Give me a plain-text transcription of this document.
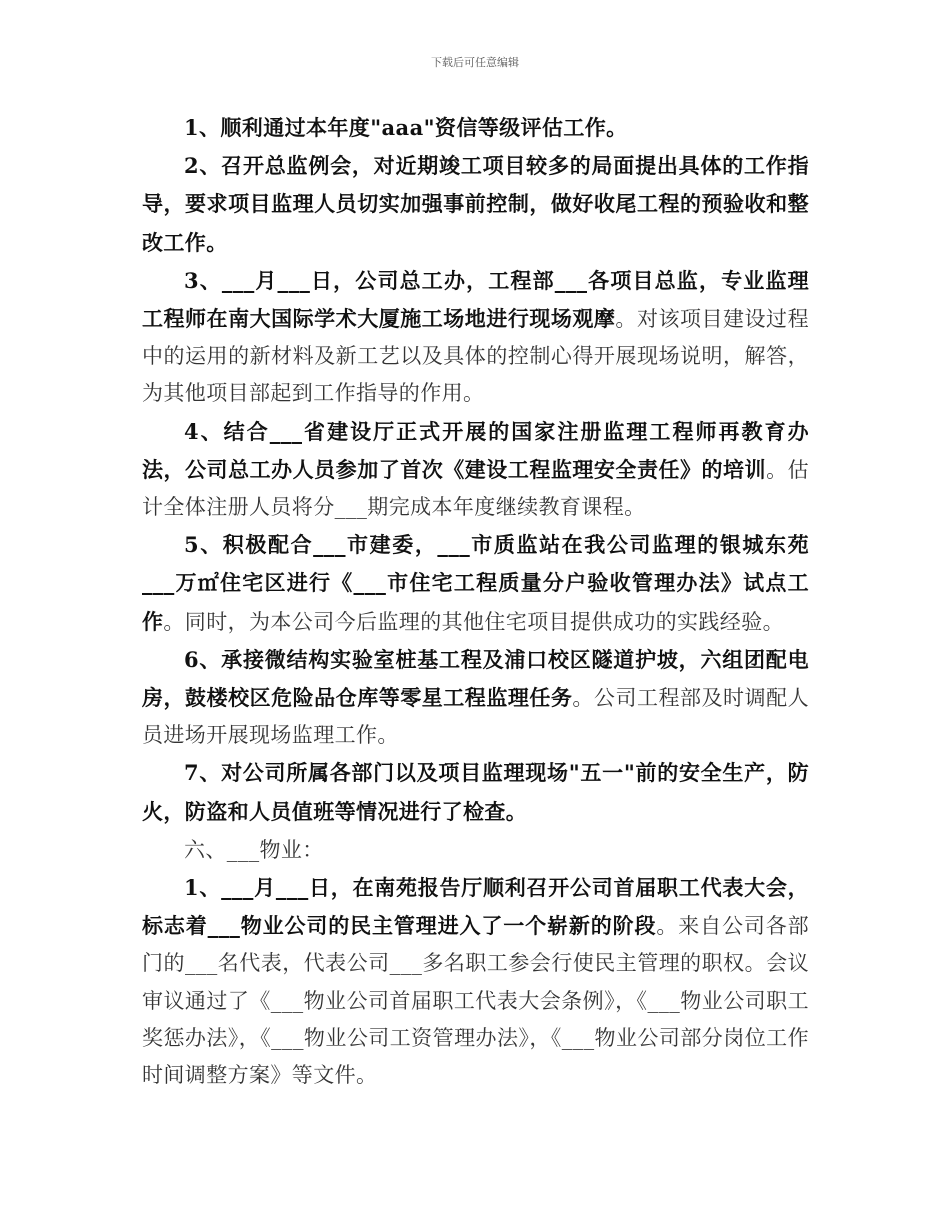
下载后可任意编辑

1、顺利通过本年度"aaa"资信等级评估工作。

2、召开总监例会，对近期竣工项目较多的局面提出具体的工作指导，要求项目监理人员切实加强事前控制，做好收尾工程的预验收和整改工作。

3、___月___日，公司总工办，工程部___各项目总监，专业监理工程师在南大国际学术大厦施工场地进行现场观摩。对该项目建设过程中的运用的新材料及新工艺以及具体的控制心得开展现场说明，解答，为其他项目部起到工作指导的作用。

4、结合___省建设厅正式开展的国家注册监理工程师再教育办法，公司总工办人员参加了首次《建设工程监理安全责任》的培训。估计全体注册人员将分___期完成本年度继续教育课程。

5、积极配合___市建委，___市质监站在我公司监理的银城东苑___万㎡住宅区进行《___市住宅工程质量分户验收管理办法》试点工作。同时，为本公司今后监理的其他住宅项目提供成功的实践经验。

6、承接微结构实验室桩基工程及浦口校区隧道护坡，六组团配电房，鼓楼校区危险品仓库等零星工程监理任务。公司工程部及时调配人员进场开展现场监理工作。

7、对公司所属各部门以及项目监理现场"五一"前的安全生产，防火，防盗和人员值班等情况进行了检查。

六、___物业：

1、___月___日，在南苑报告厅顺利召开公司首届职工代表大会，标志着___物业公司的民主管理进入了一个崭新的阶段。来自公司各部门的___名代表，代表公司___多名职工参会行使民主管理的职权。会议审议通过了《___物业公司首届职工代表大会条例》，《___物业公司职工奖惩办法》，《___物业公司工资管理办法》，《___物业公司部分岗位工作时间调整方案》等文件。
